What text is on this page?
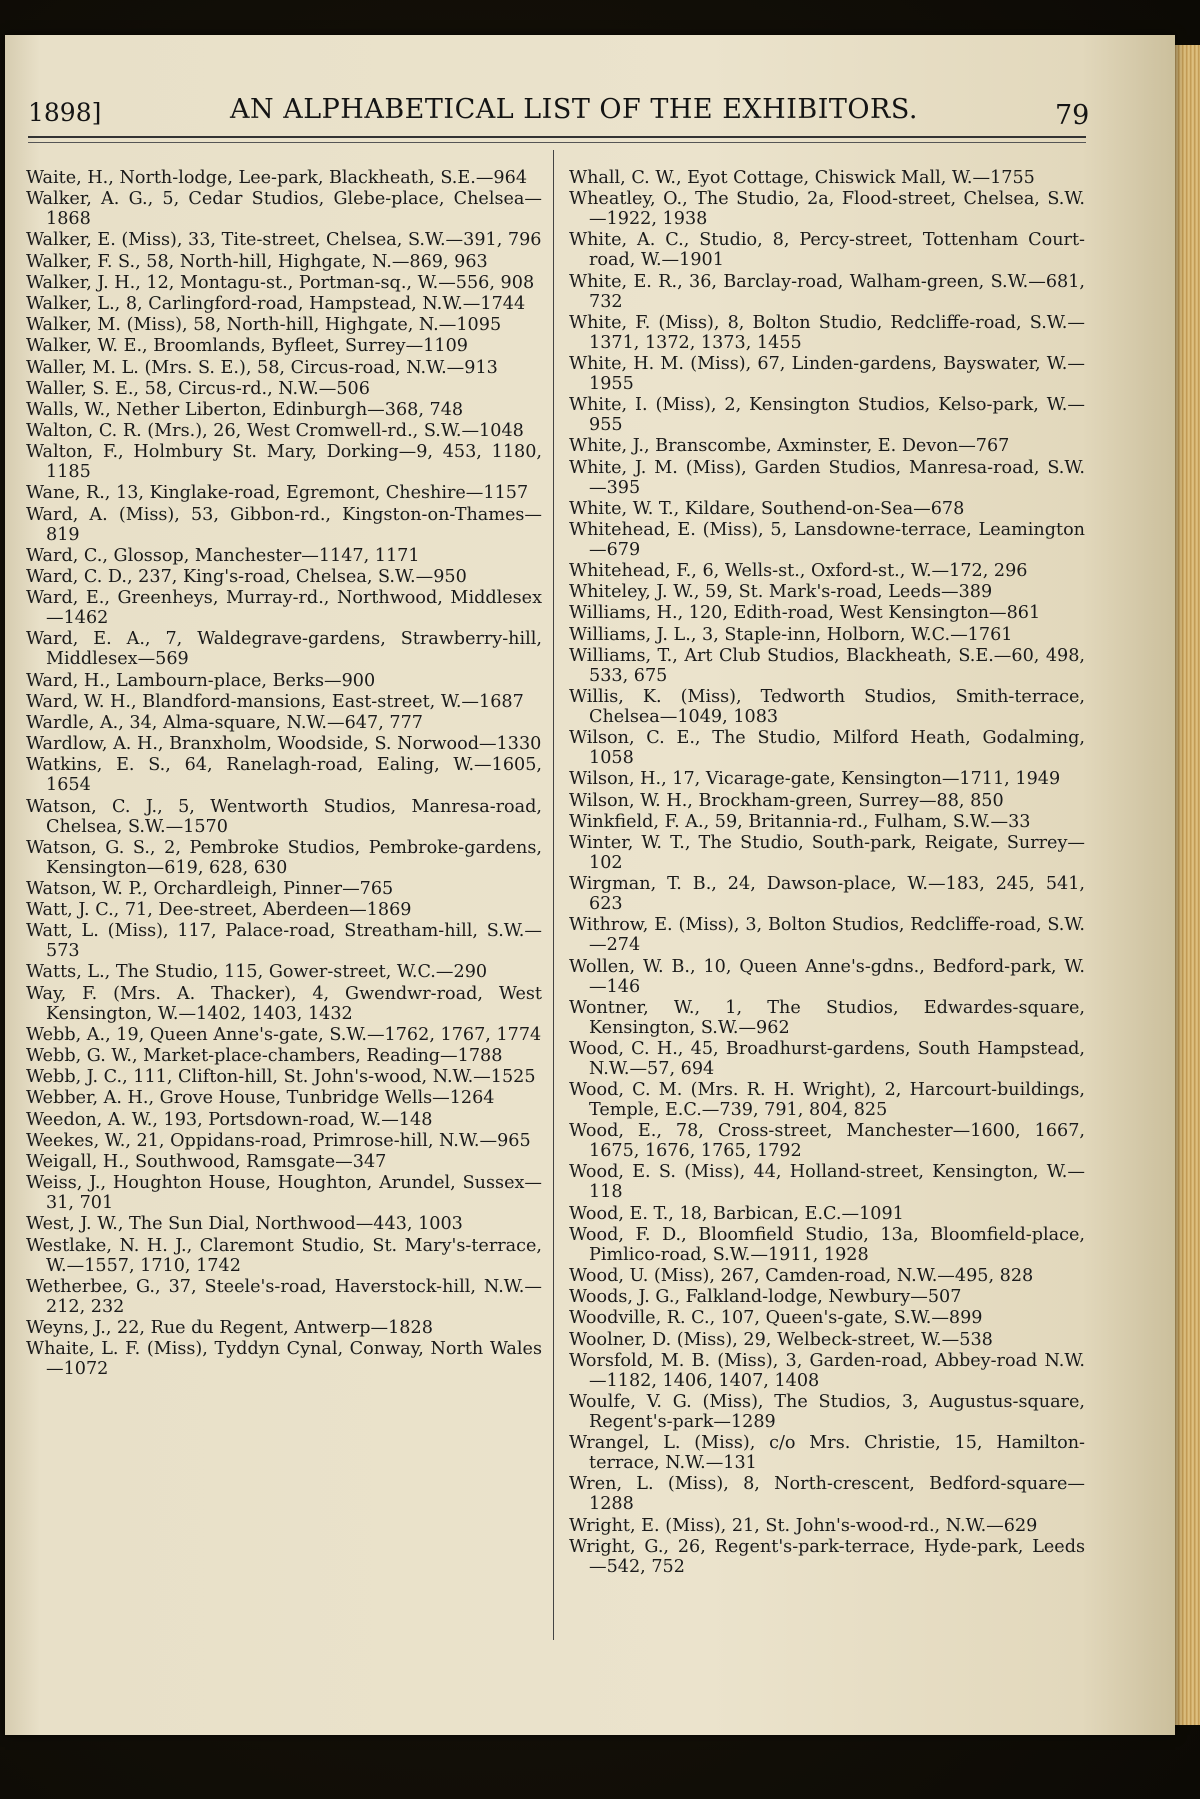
1898]	AN ALPHABETICAL LIST OF THE EXHIBITORS.	79

Waite, H., North-lodge, Lee-park, Blackheath, S.E.—964

Walker, A. G., 5, Cedar Studios, Glebe-place, Chelsea—1868

Walker, E. (Miss), 33, Tite-street, Chelsea, S.W.—391, 796

Walker, F. S., 58, North-hill, Highgate, N.—869, 963

Walker, J. H., 12, Montagu-st., Portman-sq., W.—556, 908

Walker, L., 8, Carlingford-road, Hampstead, N.W.—1744

Walker, M. (Miss), 58, North-hill, Highgate, N.—1095

Walker, W. E., Broomlands, Byfleet, Surrey—1109

Waller, M. L. (Mrs. S. E.), 58, Circus-road, N.W.—913

Waller, S. E., 58, Circus-rd., N.W.—506

Walls, W., Nether Liberton, Edinburgh—368, 748

Walton, C. R. (Mrs.), 26, West Cromwell-rd., S.W.—1048

Walton, F., Holmbury St. Mary, Dorking—9, 453, 1180, 1185

Wane, R., 13, Kinglake-road, Egremont, Cheshire—1157

Ward, A. (Miss), 53, Gibbon-rd., Kingston-on-Thames—819

Ward, C., Glossop, Manchester—1147, 1171

Ward, C. D., 237, King's-road, Chelsea, S.W.—950

Ward, E., Greenheys, Murray-rd., Northwood, Middlesex—1462

Ward, E. A., 7, Waldegrave-gardens, Strawberry-hill, Middlesex—569

Ward, H., Lambourn-place, Berks—900

Ward, W. H., Blandford-mansions, East-street, W.—1687

Wardle, A., 34, Alma-square, N.W.—647, 777

Wardlow, A. H., Branxholm, Woodside, S. Norwood—1330

Watkins, E. S., 64, Ranelagh-road, Ealing, W.—1605, 1654

Watson, C. J., 5, Wentworth Studios, Manresa-road, Chelsea, S.W.—1570

Watson, G. S., 2, Pembroke Studios, Pembroke-gardens, Kensington—619, 628, 630

Watson, W. P., Orchardleigh, Pinner—765

Watt, J. C., 71, Dee-street, Aberdeen—1869

Watt, L. (Miss), 117, Palace-road, Streatham-hill, S.W.—573

Watts, L., The Studio, 115, Gower-street, W.C.—290

Way, F. (Mrs. A. Thacker), 4, Gwendwr-road, West Kensington, W.—1402, 1403, 1432

Webb, A., 19, Queen Anne's-gate, S.W.—1762, 1767, 1774

Webb, G. W., Market-place-chambers, Reading—1788

Webb, J. C., 111, Clifton-hill, St. John's-wood, N.W.—1525

Webber, A. H., Grove House, Tunbridge Wells—1264

Weedon, A. W., 193, Portsdown-road, W.—148

Weekes, W., 21, Oppidans-road, Primrose-hill, N.W.—965

Weigall, H., Southwood, Ramsgate—347

Weiss, J., Houghton House, Houghton, Arundel, Sussex—31, 701

West, J. W., The Sun Dial, Northwood—443, 1003

Westlake, N. H. J., Claremont Studio, St. Mary's-terrace, W.—1557, 1710, 1742

Wetherbee, G., 37, Steele's-road, Haverstock-hill, N.W.—212, 232

Weyns, J., 22, Rue du Regent, Antwerp—1828

Whaite, L. F. (Miss), Tyddyn Cynal, Conway, North Wales—1072

Whall, C. W., Eyot Cottage, Chiswick Mall, W.—1755

Wheatley, O., The Studio, 2a, Flood-street, Chelsea, S.W.—1922, 1938

White, A. C., Studio, 8, Percy-street, Tottenham Court-road, W.—1901

White, E. R., 36, Barclay-road, Walham-green, S.W.—681, 732

White, F. (Miss), 8, Bolton Studio, Redcliffe-road, S.W.—1371, 1372, 1373, 1455

White, H. M. (Miss), 67, Linden-gardens, Bayswater, W.—1955

White, I. (Miss), 2, Kensington Studios, Kelso-park, W.—955

White, J., Branscombe, Axminster, E. Devon—767

White, J. M. (Miss), Garden Studios, Manresa-road, S.W.—395

White, W. T., Kildare, Southend-on-Sea—678

Whitehead, E. (Miss), 5, Lansdowne-terrace, Leamington—679

Whitehead, F., 6, Wells-st., Oxford-st., W.—172, 296

Whiteley, J. W., 59, St. Mark's-road, Leeds—389

Williams, H., 120, Edith-road, West Kensington—861

Williams, J. L., 3, Staple-inn, Holborn, W.C.—1761

Williams, T., Art Club Studios, Blackheath, S.E.—60, 498, 533, 675

Willis, K. (Miss), Tedworth Studios, Smith-terrace, Chelsea—1049, 1083

Wilson, C. E., The Studio, Milford Heath, Godalming, 1058

Wilson, H., 17, Vicarage-gate, Kensington—1711, 1949

Wilson, W. H., Brockham-green, Surrey—88, 850

Winkfield, F. A., 59, Britannia-rd., Fulham, S.W.—33

Winter, W. T., The Studio, South-park, Reigate, Surrey—102

Wirgman, T. B., 24, Dawson-place, W.—183, 245, 541, 623

Withrow, E. (Miss), 3, Bolton Studios, Redcliffe-road, S.W.—274

Wollen, W. B., 10, Queen Anne's-gdns., Bedford-park, W.—146

Wontner, W., 1, The Studios, Edwardes-square, Kensington, S.W.—962

Wood, C. H., 45, Broadhurst-gardens, South Hampstead, N.W.—57, 694

Wood, C. M. (Mrs. R. H. Wright), 2, Harcourt-buildings, Temple, E.C.—739, 791, 804, 825

Wood, E., 78, Cross-street, Manchester—1600, 1667, 1675, 1676, 1765, 1792

Wood, E. S. (Miss), 44, Holland-street, Kensington, W.—118

Wood, E. T., 18, Barbican, E.C.—1091

Wood, F. D., Bloomfield Studio, 13a, Bloomfield-place, Pimlico-road, S.W.—1911, 1928

Wood, U. (Miss), 267, Camden-road, N.W.—495, 828

Woods, J. G., Falkland-lodge, Newbury—507

Woodville, R. C., 107, Queen's-gate, S.W.—899

Woolner, D. (Miss), 29, Welbeck-street, W.—538

Worsfold, M. B. (Miss), 3, Garden-road, Abbey-road N.W.—1182, 1406, 1407, 1408

Woulfe, V. G. (Miss), The Studios, 3, Augustus-square, Regent's-park—1289

Wrangel, L. (Miss), c/o Mrs. Christie, 15, Hamilton-terrace, N.W.—131

Wren, L. (Miss), 8, North-crescent, Bedford-square—1288

Wright, E. (Miss), 21, St. John's-wood-rd., N.W.—629

Wright, G., 26, Regent's-park-terrace, Hyde-park, Leeds—542, 752
